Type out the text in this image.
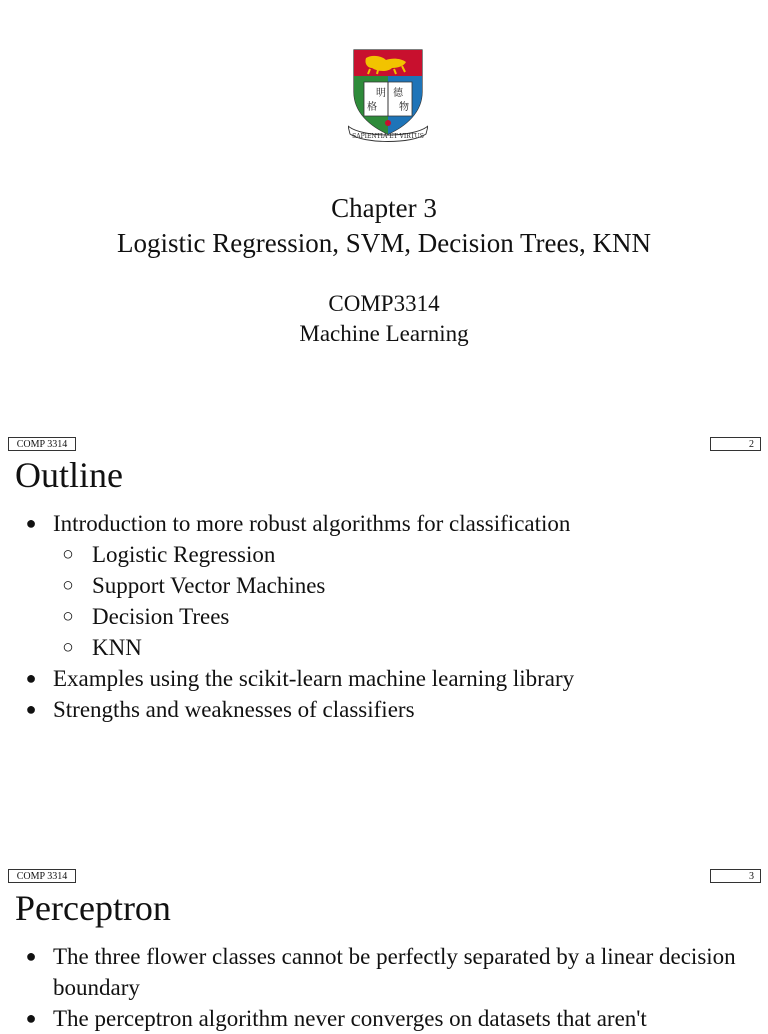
明 德
格 物
SAPIENTIA ET VIRTUS
Chapter 3
Logistic Regression, SVM, Decision Trees, KNN
COMP3314
Machine Learning
COMP 3314	2
Outline
● Introduction to more robust algorithms for classification
○ Logistic Regression
○ Support Vector Machines
○ Decision Trees
○ KNN
● Examples using the scikit-learn machine learning library
● Strengths and weaknesses of classifiers
COMP 3314	3
Perceptron
● The three flower classes cannot be perfectly separated by a linear decision boundary
● The perceptron algorithm never converges on datasets that aren't
